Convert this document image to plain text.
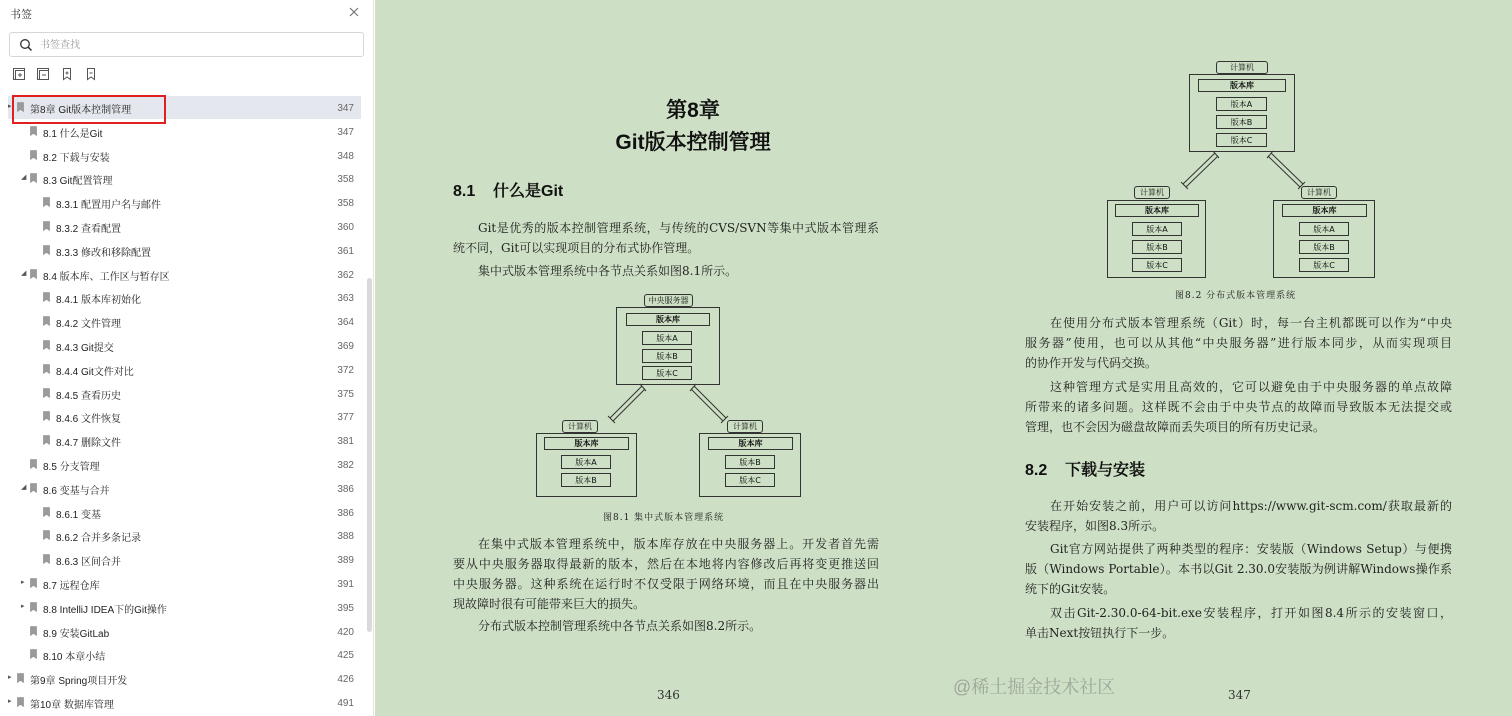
书签
书签查找
▸ 第8章 Git版本控制管理	347
8.1 什么是Git	347
8.2 下载与安装	348
◢ 8.3 Git配置管理	358
8.3.1 配置用户名与邮件	358
8.3.2 查看配置	360
8.3.3 修改和移除配置	361
◢ 8.4 版本库、工作区与暂存区	362
8.4.1 版本库初始化	363
8.4.2 文件管理	364
8.4.3 Git提交	369
8.4.4 Git文件对比	372
8.4.5 查看历史	375
8.4.6 文件恢复	377
8.4.7 删除文件	381
8.5 分支管理	382
◢ 8.6 变基与合并	386
8.6.1 变基	386
8.6.2 合并多条记录	388
8.6.3 区间合并	389
▸ 8.7 远程仓库	391
▸ 8.8 IntelliJ IDEA下的Git操作	395
8.9 安装GitLab	420
8.10 本章小结	425
▸ 第9章 Spring项目开发	426
▸ 第10章 数据库管理	491
第8章
Git版本控制管理
8.1 什么是Git
Git是优秀的版本控制管理系统，与传统的CVS/SVN等集中式版本管理系
统不同，Git可以实现项目的分布式协作管理。
集中式版本管理系统中各节点关系如图8.1所示。
中央服务器
版本库
版本A
版本B
版本C
计算机
版本库
版本A
版本B
计算机
版本库
版本B
版本C
图8.1 集中式版本管理系统
在集中式版本管理系统中，版本库存放在中央服务器上。开发者首先需
要从中央服务器取得最新的版本，然后在本地将内容修改后再将变更推送回
中央服务器。这种系统在运行时不仅受限于网络环境，而且在中央服务器出
现故障时很有可能带来巨大的损失。
分布式版本控制管理系统中各节点关系如图8.2所示。
346
计算机
版本库
版本A
版本B
版本C
计算机
版本库
版本A
版本B
版本C
计算机
版本库
版本A
版本B
版本C
图8.2 分布式版本管理系统
在使用分布式版本管理系统（Git）时，每一台主机都既可以作为“中央
服务器”使用，也可以从其他“中央服务器”进行版本同步，从而实现项目
的协作开发与代码交换。
这种管理方式是实用且高效的，它可以避免由于中央服务器的单点故障
所带来的诸多问题。这样既不会由于中央节点的故障而导致版本无法提交或
管理，也不会因为磁盘故障而丢失项目的所有历史记录。
8.2 下载与安装
在开始安装之前，用户可以访问https://www.git-scm.com/获取最新的
安装程序，如图8.3所示。
Git官方网站提供了两种类型的程序：安装版（Windows Setup）与便携
版（Windows Portable）。本书以Git 2.30.0安装版为例讲解Windows操作系
统下的Git安装。
双击Git-2.30.0-64-bit.exe安装程序，打开如图8.4所示的安装窗口，
单击Next按钮执行下一步。
347
@稀土掘金技术社区
